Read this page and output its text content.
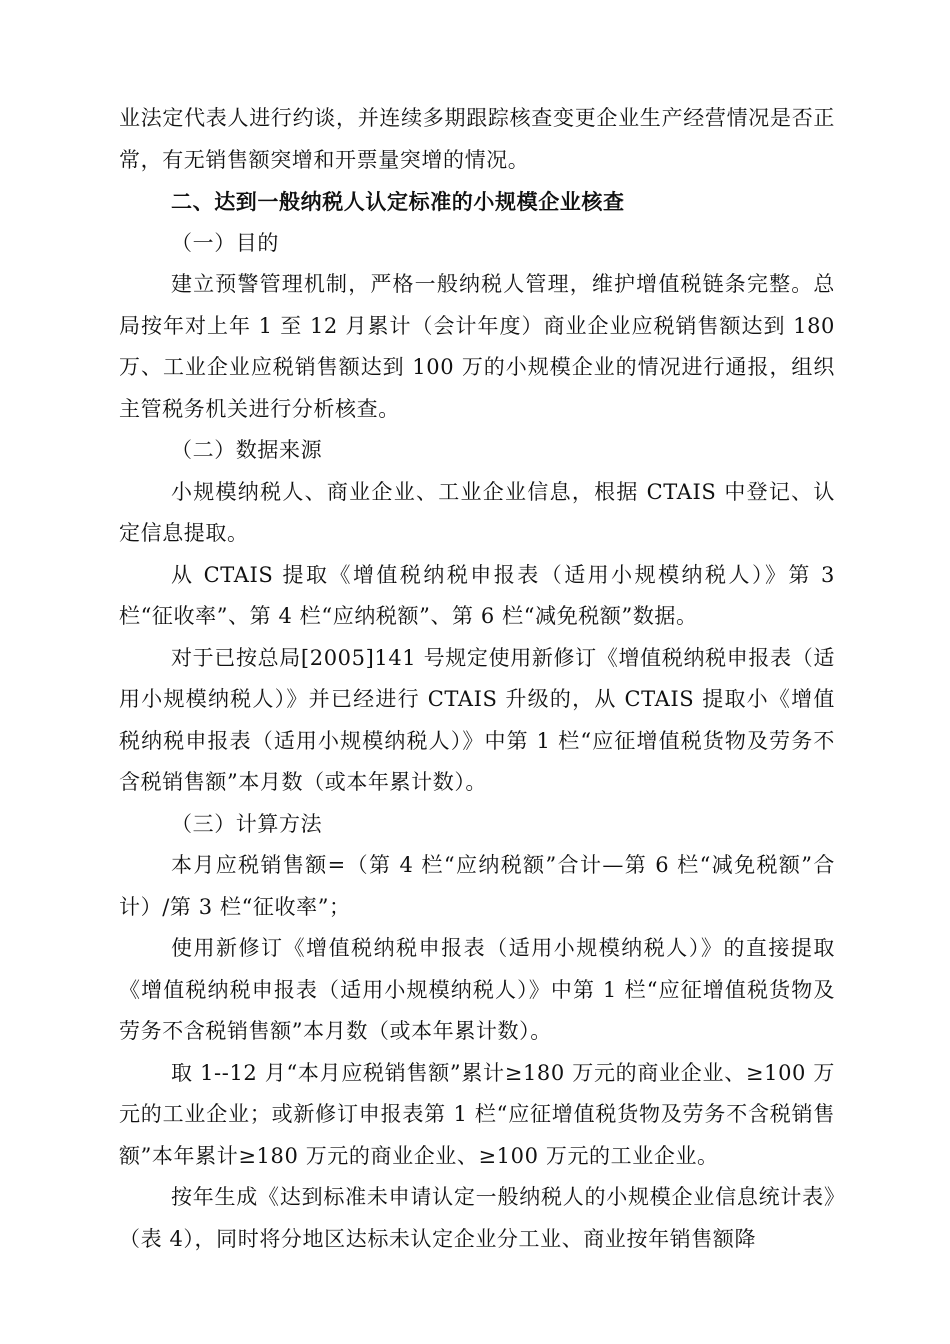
业法定代表人进行约谈，并连续多期跟踪核查变更企业生产经营情况是否正常，有无销售额突增和开票量突增的情况。

二、达到一般纳税人认定标准的小规模企业核查

（一）目的

建立预警管理机制，严格一般纳税人管理，维护增值税链条完整。总局按年对上年 1 至 12 月累计（会计年度）商业企业应税销售额达到 180 万、工业企业应税销售额达到 100 万的小规模企业的情况进行通报，组织主管税务机关进行分析核查。

（二）数据来源

小规模纳税人、商业企业、工业企业信息，根据 CTAIS 中登记、认定信息提取。

从 CTAIS 提取《增值税纳税申报表（适用小规模纳税人）》第 3 栏“征收率”、第 4 栏“应纳税额”、第 6 栏“减免税额”数据。

对于已按总局[2005]141 号规定使用新修订《增值税纳税申报表（适用小规模纳税人）》并已经进行 CTAIS 升级的，从 CTAIS 提取小《增值税纳税申报表（适用小规模纳税人）》中第 1 栏“应征增值税货物及劳务不含税销售额”本月数（或本年累计数）。

（三）计算方法

本月应税销售额=（第 4 栏“应纳税额”合计—第 6 栏“减免税额”合计）/第 3 栏“征收率”；

使用新修订《增值税纳税申报表（适用小规模纳税人）》的直接提取《增值税纳税申报表（适用小规模纳税人）》中第 1 栏“应征增值税货物及劳务不含税销售额”本月数（或本年累计数）。

取 1--12 月“本月应税销售额”累计≥180 万元的商业企业、≥100 万元的工业企业；或新修订申报表第 1 栏“应征增值税货物及劳务不含税销售额”本年累计≥180 万元的商业企业、≥100 万元的工业企业。

按年生成《达到标准未申请认定一般纳税人的小规模企业信息统计表》（表 4），同时将分地区达标未认定企业分工业、商业按年销售额降
